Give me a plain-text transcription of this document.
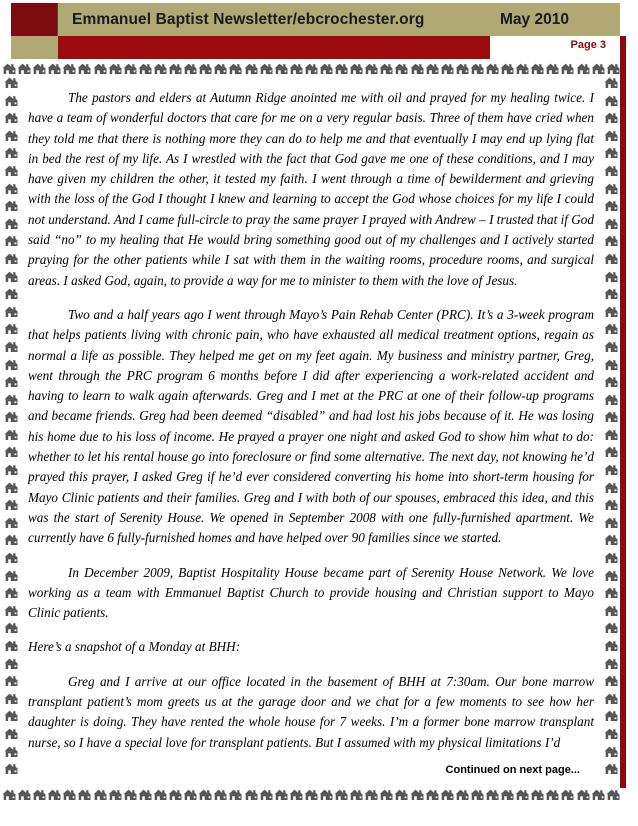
Emmanuel Baptist Newsletter/ebcrochester.org	May 2010
Page 3

The pastors and elders at Autumn Ridge anointed me with oil and prayed for my healing twice. I have a team of wonderful doctors that care for me on a very regular basis. Three of them have cried when they told me that there is nothing more they can do to help me and that eventually I may end up lying flat in bed the rest of my life. As I wrestled with the fact that God gave me one of these conditions, and I may have given my children the other, it tested my faith. I went through a time of bewilderment and grieving with the loss of the God I thought I knew and learning to accept the God whose choices for my life I could not understand. And I came full-circle to pray the same prayer I prayed with Andrew – I trusted that if God said “no” to my healing that He would bring something good out of my challenges and I actively started praying for the other patients while I sat with them in the waiting rooms, procedure rooms, and surgical areas. I asked God, again, to provide a way for me to minister to them with the love of Jesus.

Two and a half years ago I went through Mayo’s Pain Rehab Center (PRC). It’s a 3-week program that helps patients living with chronic pain, who have exhausted all medical treatment options, regain as normal a life as possible. They helped me get on my feet again. My business and ministry partner, Greg, went through the PRC program 6 months before I did after experiencing a work-related accident and having to learn to walk again afterwards. Greg and I met at the PRC at one of their follow-up programs and became friends. Greg had been deemed “disabled” and had lost his jobs because of it. He was losing his home due to his loss of income. He prayed a prayer one night and asked God to show him what to do: whether to let his rental house go into foreclosure or find some alternative. The next day, not knowing he’d prayed this prayer, I asked Greg if he’d ever considered converting his home into short-term housing for Mayo Clinic patients and their families. Greg and I with both of our spouses, embraced this idea, and this was the start of Serenity House. We opened in September 2008 with one fully-furnished apartment. We currently have 6 fully-furnished homes and have helped over 90 families since we started.

In December 2009, Baptist Hospitality House became part of Serenity House Network. We love working as a team with Emmanuel Baptist Church to provide housing and Christian support to Mayo Clinic patients.

Here’s a snapshot of a Monday at BHH:

Greg and I arrive at our office located in the basement of BHH at 7:30am. Our bone marrow transplant patient’s mom greets us at the garage door and we chat for a few moments to see how her daughter is doing. They have rented the whole house for 7 weeks. I’m a former bone marrow transplant nurse, so I have a special love for transplant patients. But I assumed with my physical limitations I’d

Continued on next page...
